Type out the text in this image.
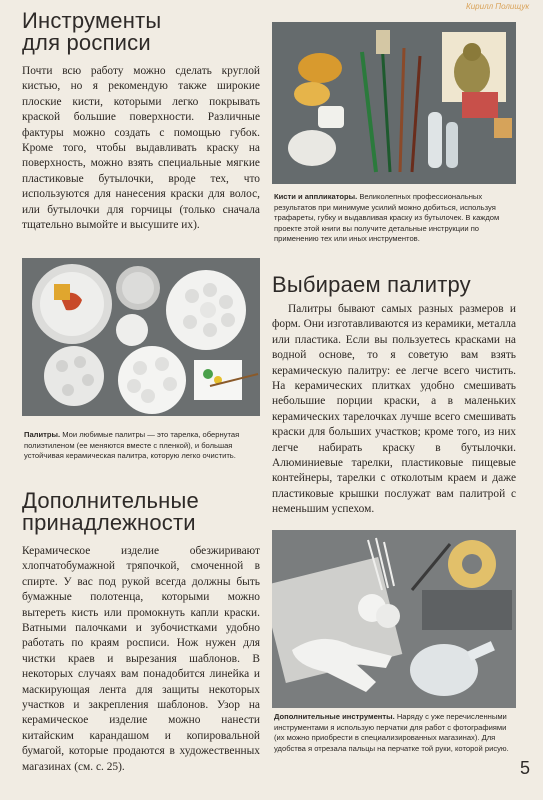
Кирилл Полищук
Инструменты
для росписи

Почти всю работу можно сделать круглой кистью, но я рекомендую также широкие плоские кисти, которыми легко покрывать краской большие поверхности. Различные фактуры можно создать с помощью губок. Кроме того, чтобы выдавливать краску на поверхность, можно взять специальные мягкие пластиковые бутылочки, вроде тех, что используются для нанесения краски для волос, или бутылочки для горчицы (только сначала тщательно вымойте и высушите их).

Кисти и аппликаторы. Великолепных профессиональных результатов при минимуме усилий можно добиться, используя трафареты, губку и выдавливая краску из бутылочек. В каждом проекте этой книги вы получите детальные инструкции по применению тех или иных инструментов.
Палитры. Мои любимые палитры — это тарелка, обернутая полиэтиленом (ее меняются вместе с пленкой), и большая устойчивая керамическая палитра, которую легко очистить.
Выбираем палитру

Палитры бывают самых разных размеров и форм. Они изготавливаются из керамики, металла или пластика. Если вы пользуетесь красками на водной основе, то я советую вам взять керамическую палитру: ее легче всего чистить. На керамических плитках удобно смешивать небольшие порции краски, а в маленьких керамических тарелочках лучше всего смешивать краски для больших участков; кроме того, из них легче набирать краску в бутылочки. Алюминиевые тарелки, пластиковые пищевые контейнеры, тарелки с отколотым краем и даже пластиковые крышки послужат вам палитрой с неменьшим успехом.

Дополнительные
принадлежности

Керамическое изделие обезжиривают хлопчатобумажной тряпочкой, смоченной в спирте. У вас под рукой всегда должны быть бумажные полотенца, которыми можно вытереть кисть или промокнуть капли краски. Ватными палочками и зубочистками удобно работать по краям росписи. Нож нужен для чистки краев и вырезания шаблонов. В некоторых случаях вам понадобится линейка и маскирующая лента для защиты некоторых участков и закрепления шаблонов. Узор на керамическое изделие можно нанести китайским карандашом и копировальной бумагой, которые продаются в художественных магазинах (см. с. 25).

Дополнительные инструменты. Наряду с уже перечисленными инструментами я использую перчатки для работ с фотографиями (их можно приобрести в специализированных магазинах). Для удобства я отрезала пальцы на перчатке той руки, которой рисую.
5
